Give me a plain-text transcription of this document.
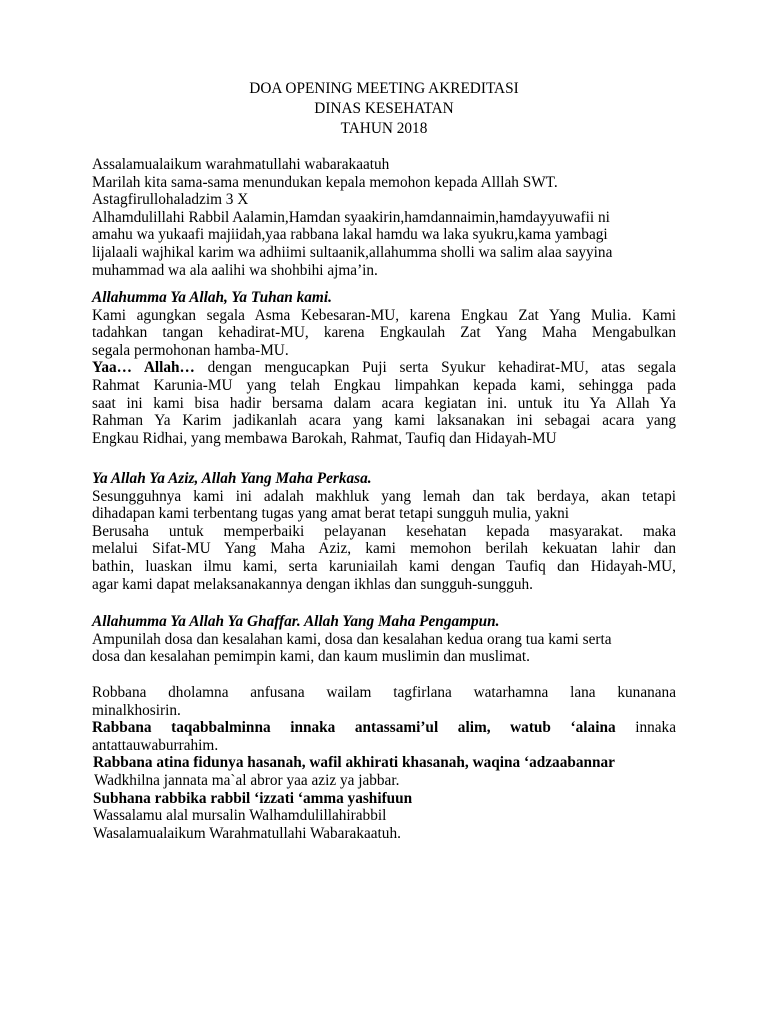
DOA OPENING MEETING AKREDITASI
DINAS KESEHATAN
TAHUN 2018
Assalamualaikum warahmatullahi wabarakaatuh
Marilah kita sama-sama menundukan kepala memohon kepada Alllah SWT.
Astagfirullohaladzim 3 X
Alhamdulillahi Rabbil Aalamin,Hamdan syaakirin,hamdannaimin,hamdayyuwafii ni
amahu wa yukaafi majiidah,yaa rabbana lakal hamdu wa laka syukru,kama yambagi
lijalaali wajhikal karim wa adhiimi sultaanik,allahumma sholli wa salim alaa sayyina
muhammad wa ala aalihi wa shohbihi ajma’in.
Allahumma Ya Allah, Ya Tuhan kami.
Kami agungkan segala Asma Kebesaran-MU, karena Engkau Zat Yang Mulia. Kami
tadahkan tangan kehadirat-MU, karena Engkaulah Zat Yang Maha Mengabulkan
segala permohonan hamba-MU.
Yaa… Allah… dengan mengucapkan Puji serta Syukur kehadirat-MU, atas segala
Rahmat Karunia-MU yang telah Engkau limpahkan kepada kami, sehingga pada
saat ini kami bisa hadir bersama dalam acara kegiatan ini. untuk itu Ya Allah Ya
Rahman Ya Karim jadikanlah acara yang kami laksanakan ini sebagai acara yang
Engkau Ridhai, yang membawa Barokah, Rahmat, Taufiq dan Hidayah-MU
Ya Allah Ya Aziz, Allah Yang Maha Perkasa.
Sesungguhnya kami ini adalah makhluk yang lemah dan tak berdaya, akan tetapi
dihadapan kami terbentang tugas yang amat berat tetapi sungguh mulia, yakni
Berusaha untuk memperbaiki pelayanan kesehatan kepada masyarakat. maka
melalui Sifat-MU Yang Maha Aziz, kami memohon berilah kekuatan lahir dan
bathin, luaskan ilmu kami, serta karuniailah kami dengan Taufiq dan Hidayah-MU,
agar kami dapat melaksanakannya dengan ikhlas dan sungguh-sungguh.
Allahumma Ya Allah Ya Ghaffar. Allah Yang Maha Pengampun.
Ampunilah dosa dan kesalahan kami, dosa dan kesalahan kedua orang tua kami serta
dosa dan kesalahan pemimpin kami, dan kaum muslimin dan muslimat.
Robbana dholamna anfusana wailam tagfirlana watarhamna lana kunanana
minalkhosirin.
Rabbana taqabbalminna innaka antassami’ul alim, watub ‘alaina innaka
antattauwaburrahim.
Rabbana atina fidunya hasanah, wafil akhirati khasanah, waqina ‘adzaabannar
Wadkhilna jannata ma`al abror yaa aziz ya jabbar.
Subhana rabbika rabbil ‘izzati ‘amma yashifuun
Wassalamu alal mursalin Walhamdulillahirabbil
Wasalamualaikum Warahmatullahi Wabarakaatuh.
